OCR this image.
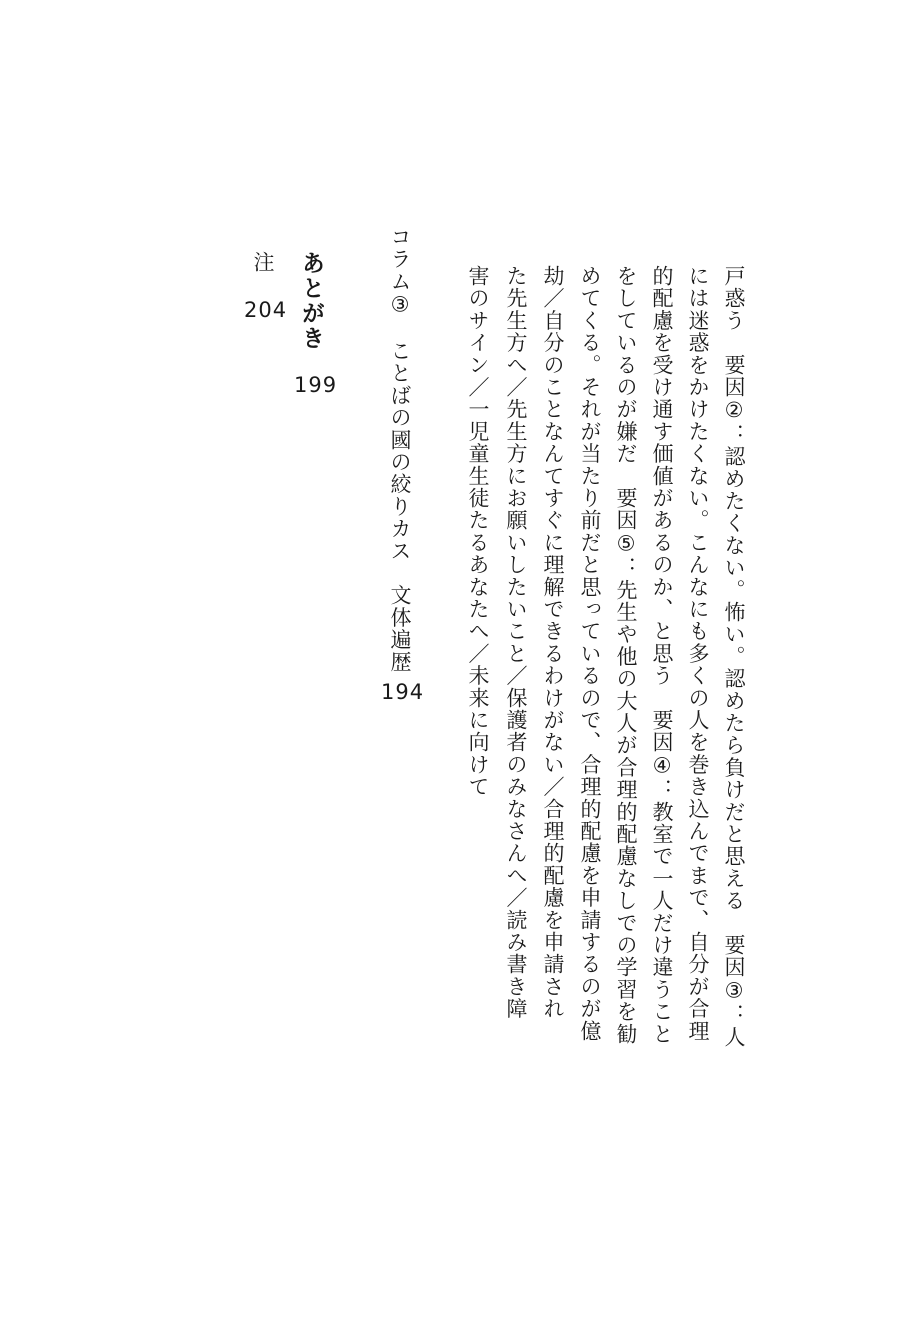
戸惑う　要因②：認めたくない。怖い。認めたら負けだと思える　要因③：人
には迷惑をかけたくない。こんなにも多くの人を巻き込んでまで、自分が合理
的配慮を受け通す価値があるのか、と思う　要因④：教室で一人だけ違うこと
をしているのが嫌だ　要因⑤：先生や他の大人が合理的配慮なしでの学習を勧
めてくる。それが当たり前だと思っているので、合理的配慮を申請するのが億
劫／自分のことなんてすぐに理解できるわけがない／合理的配慮を申請され
た先生方へ／先生方にお願いしたいこと／保護者のみなさんへ／読み書き障
害のサイン／一児童生徒たるあなたへ／未来に向けて
コラム③　ことばの國の絞りカス　文体遍歴
194
あとがき
199
注
204
